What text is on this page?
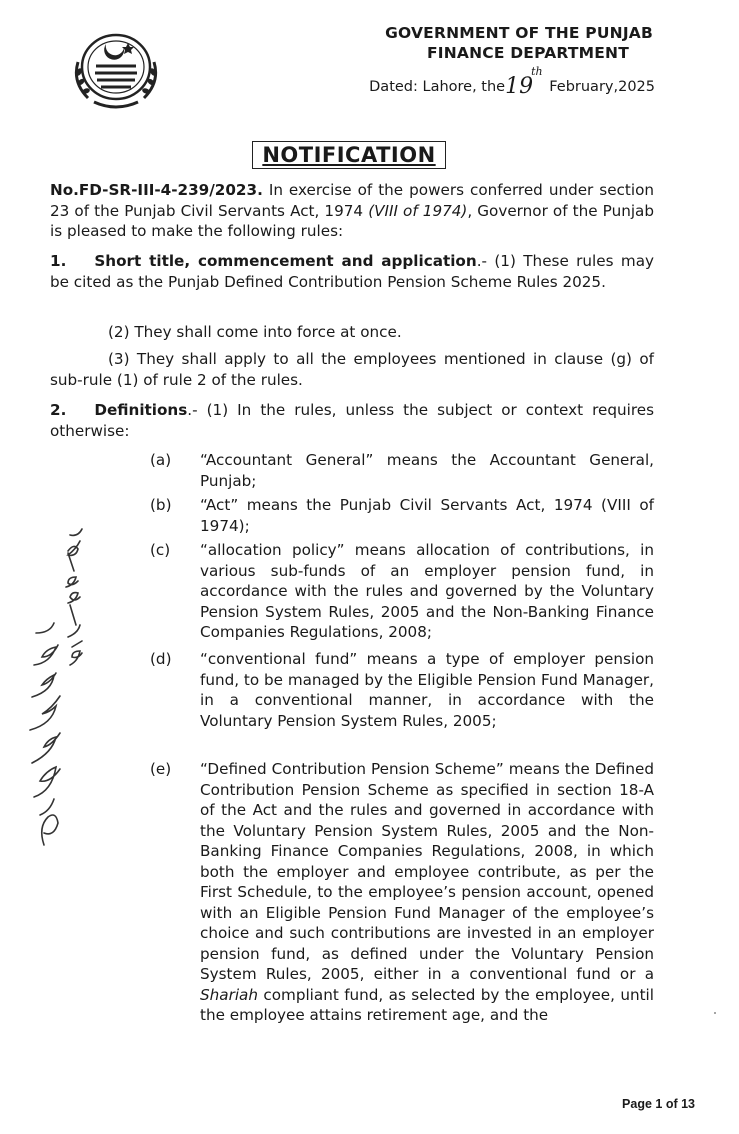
GOVERNMENT OF THE PUNJAB
FINANCE DEPARTMENT
Dated: Lahore, the19th February,2025
NOTIFICATION
No.FD-SR-III-4-239/2023. In exercise of the powers conferred under section 23 of the Punjab Civil Servants Act, 1974 (VIII of 1974), Governor of the Punjab is pleased to make the following rules:
1. Short title, commencement and application.- (1) These rules may be cited as the Punjab Defined Contribution Pension Scheme Rules 2025.
(2) They shall come into force at once.
(3) They shall apply to all the employees mentioned in clause (g) of sub-rule (1) of rule 2 of the rules.
2. Definitions.- (1) In the rules, unless the subject or context requires otherwise:
(a)	“Accountant General” means the Accountant General, Punjab;
(b)	“Act” means the Punjab Civil Servants Act, 1974 (VIII of 1974);
(c)	“allocation policy” means allocation of contributions, in various sub-funds of an employer pension fund, in accordance with the rules and governed by the Voluntary Pension System Rules, 2005 and the Non-Banking Finance Companies Regulations, 2008;
(d)	“conventional fund” means a type of employer pension fund, to be managed by the Eligible Pension Fund Manager, in a conventional manner, in accordance with the Voluntary Pension System Rules, 2005;
(e)	“Defined Contribution Pension Scheme” means the Defined Contribution Pension Scheme as specified in section 18-A of the Act and the rules and governed in accordance with the Voluntary Pension System Rules, 2005 and the Non-Banking Finance Companies Regulations, 2008, in which both the employer and employee contribute, as per the First Schedule, to the employee’s pension account, opened with an Eligible Pension Fund Manager of the employee’s choice and such contributions are invested in an employer pension fund, as defined under the Voluntary Pension System Rules, 2005, either in a conventional fund or a Shariah compliant fund, as selected by the employee, until the employee attains retirement age, and the
Page 1 of 13
